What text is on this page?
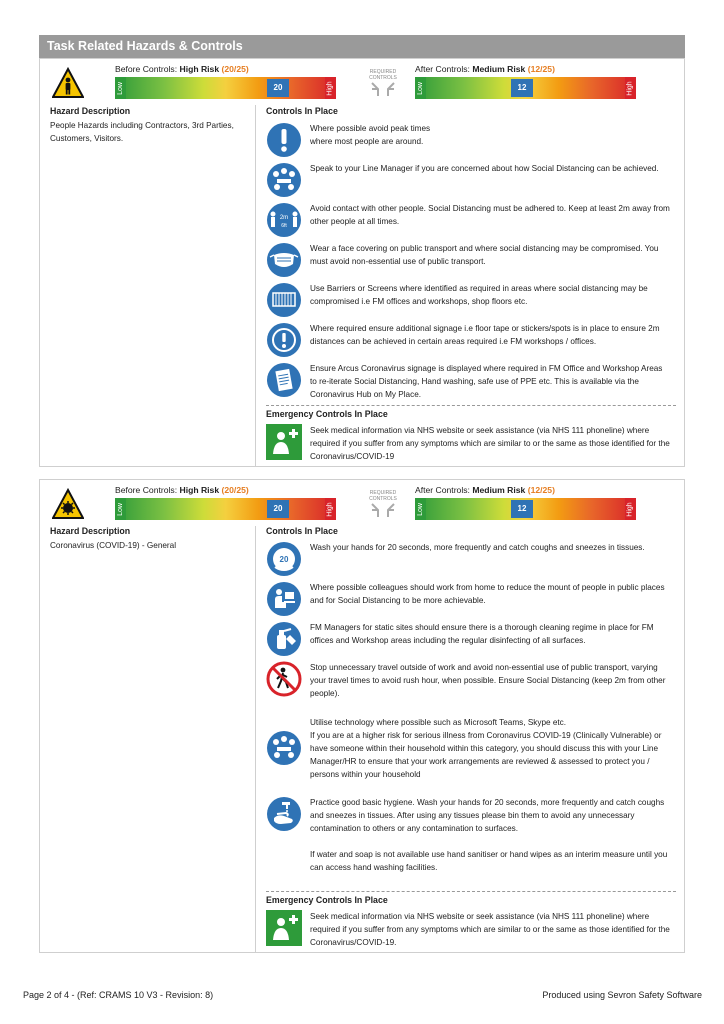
Task Related Hazards & Controls
Before Controls: High Risk (20/25)
Low	20	High
REQUIRED
CONTROLS
After Controls: Medium Risk (12/25)
Low	12	High
Hazard Description
People Hazards including Contractors, 3rd Parties, Customers, Visitors.
Controls In Place
Where possible avoid peak times
where most people are around.
Speak to your Line Manager if you are concerned about how Social Distancing can be achieved.
2m
6ft
Avoid contact with other people. Social Distancing must be adhered to. Keep at least 2m away from other people at all times.
Wear a face covering on public transport and where social distancing may be compromised. You must avoid non-essential use of public transport.
Use Barriers or Screens where identified as required in areas where social distancing may be compromised i.e FM offices and workshops, shop floors etc.
Where required ensure additional signage i.e floor tape or stickers/spots is in place to ensure 2m distances can be achieved in certain areas required i.e FM workshops / offices.
Ensure Arcus Coronavirus signage is displayed where required in FM Office and Workshop Areas to re-iterate Social Distancing, Hand washing, safe use of PPE etc. This is available via the Coronavirus Hub on My Place.
Emergency Controls In Place
Seek medical information via NHS website or seek assistance (via NHS 111 phoneline) where required if you suffer from any symptoms which are similar to or the same as those identified for the Coronavirus/COVID-19
Before Controls: High Risk (20/25)
Low	20	High
REQUIRED
CONTROLS
After Controls: Medium Risk (12/25)
Low	12	High
Hazard Description
Coronavirus (COVID-19) - General
Controls In Place
20
Wash your hands for 20 seconds, more frequently and catch coughs and sneezes in tissues.
Where possible colleagues should work from home to reduce the mount of people in public places and for Social Distancing to be more achievable.
FM Managers for static sites should ensure there is a thorough cleaning regime in place for FM offices and Workshop areas including the regular disinfecting of all surfaces.
Stop unnecessary travel outside of work and avoid non-essential use of public transport, varying your travel times to avoid rush hour, when possible. Ensure Social Distancing (keep 2m from other people).
Utilise technology where possible such as Microsoft Teams, Skype etc.
If you are at a higher risk for serious illness from Coronavirus COVID-19 (Clinically Vulnerable) or have someone within their household within this category, you should discuss this with your Line Manager/HR to ensure that your work arrangements are reviewed & assessed to protect you / persons within your household
Practice good basic hygiene. Wash your hands for 20 seconds, more frequently and catch coughs and sneezes in tissues. After using any tissues please bin them to avoid any unnecessary contamination to others or any contamination to surfaces.

If water and soap is not available use hand sanitiser or hand wipes as an interim measure until you can access hand washing facilities.
Emergency Controls In Place
Seek medical information via NHS website or seek assistance (via NHS 111 phoneline) where required if you suffer from any symptoms which are similar to or the same as those identified for the Coronavirus/COVID-19.
Page 2 of 4 - (Ref: CRAMS 10 V3 - Revision: 8)	Produced using Sevron Safety Software
